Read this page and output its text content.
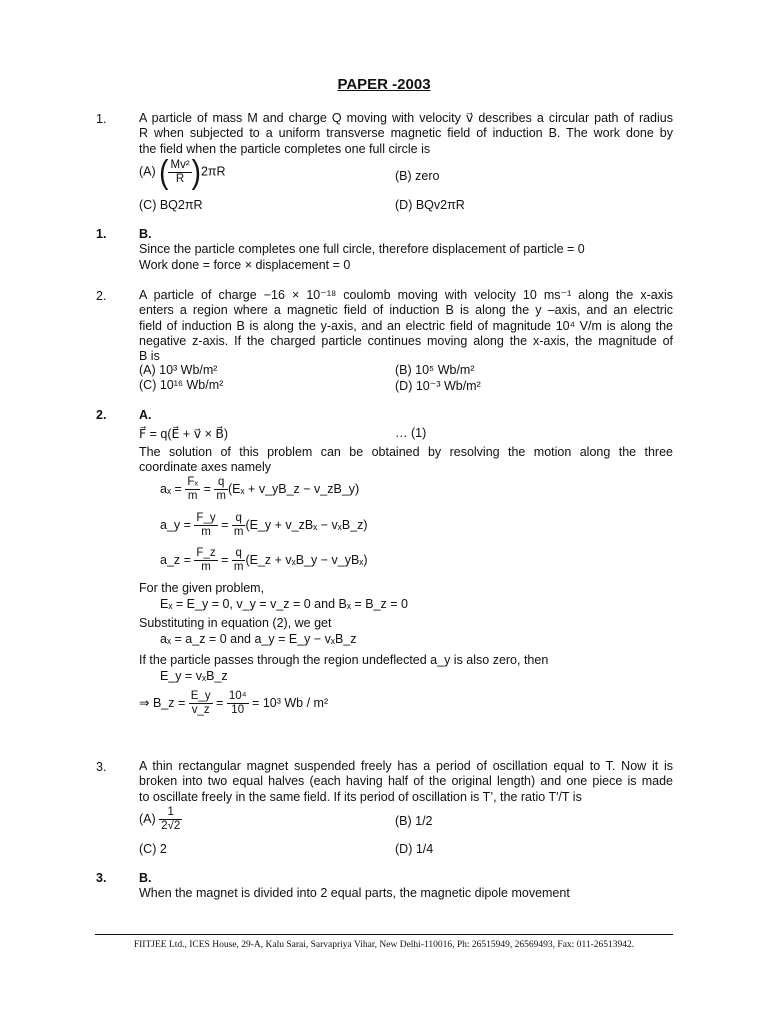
PAPER -2003
1.	A particle of mass M and charge Q moving with velocity v⃗ describes a circular path of radius
R when subjected to a uniform transverse magnetic field of induction B. The work done by

the field when the particle completes one full circle is
(A) ( $\frac{\text{Mv²}}{R} )2\pi R$	(B) zero
(C) BQ2πR	(D) BQv2πR
1.	B.
Since the particle completes one full circle, therefore displacement of particle = 0
Work done = force × displacement = 0
2.	A particle of charge −16 × 10⁻¹⁸ coulomb moving with velocity 10 ms⁻¹ along the x-axis
enters a region where a magnetic field of induction B is along the y –axis, and an electric
field of induction B is along the y-axis, and an electric field of magnitude 10⁴ V/m is along the
negative z-axis. If the charged particle continues moving along the x-axis, the magnitude of

B is
(A) 10³ Wb/m²	(B) 10⁵ Wb/m²
(C) 10¹⁶ Wb/m²	(D) 10⁻³ Wb/m²
2.	A.
F⃗ = q(E⃗ + v⃗ × B⃗)	… (1)
The solution of this problem can be obtained by resolving the motion along the three

coordinate axes namely
$a_x = \frac{\text{Fₓ}}{m} = \frac{q}{m} (E_x$ + v_yB_z − v_zB_y)
a_y = $\frac{F\_y}{m} = \frac{q}{m}$ (E_y + v_zBₓ − vₓB_z)
a_z = $\frac{F\_z}{m} = \frac{q}{m}$ (E_z + vₓB_y − v_yBₓ)
For the given problem,
Eₓ = E_y = 0, v_y = v_z = 0 and Bₓ = B_z = 0
Substituting in equation (2), we get
aₓ = a_z = 0 and a_y = E_y − vₓB_z
If the particle passes through the region undeflected a_y is also zero, then
E_y = vₓB_z
⇒ B_z = $\frac{E\_y}{v\_z} = \frac{\text{10⁴}}{10} = 10^3$ Wb / m²
3.	A thin rectangular magnet suspended freely has a period of oscillation equal to T. Now it is
broken into two equal halves (each having half of the original length) and one piece is made

to oscillate freely in the same field. If its period of oscillation is T’, the ratio T′/T is
$(A) \frac{1}{2√2}$	(B) 1/2
(C) 2	(D) 1/4
3.	B.
When the magnet is divided into 2 equal parts, the magnetic dipole movement
FIITJEE Ltd., ICES House, 29-A, Kalu Sarai, Sarvapriya Vihar, New Delhi-110016, Ph: 26515949, 26569493, Fax: 011-26513942.
